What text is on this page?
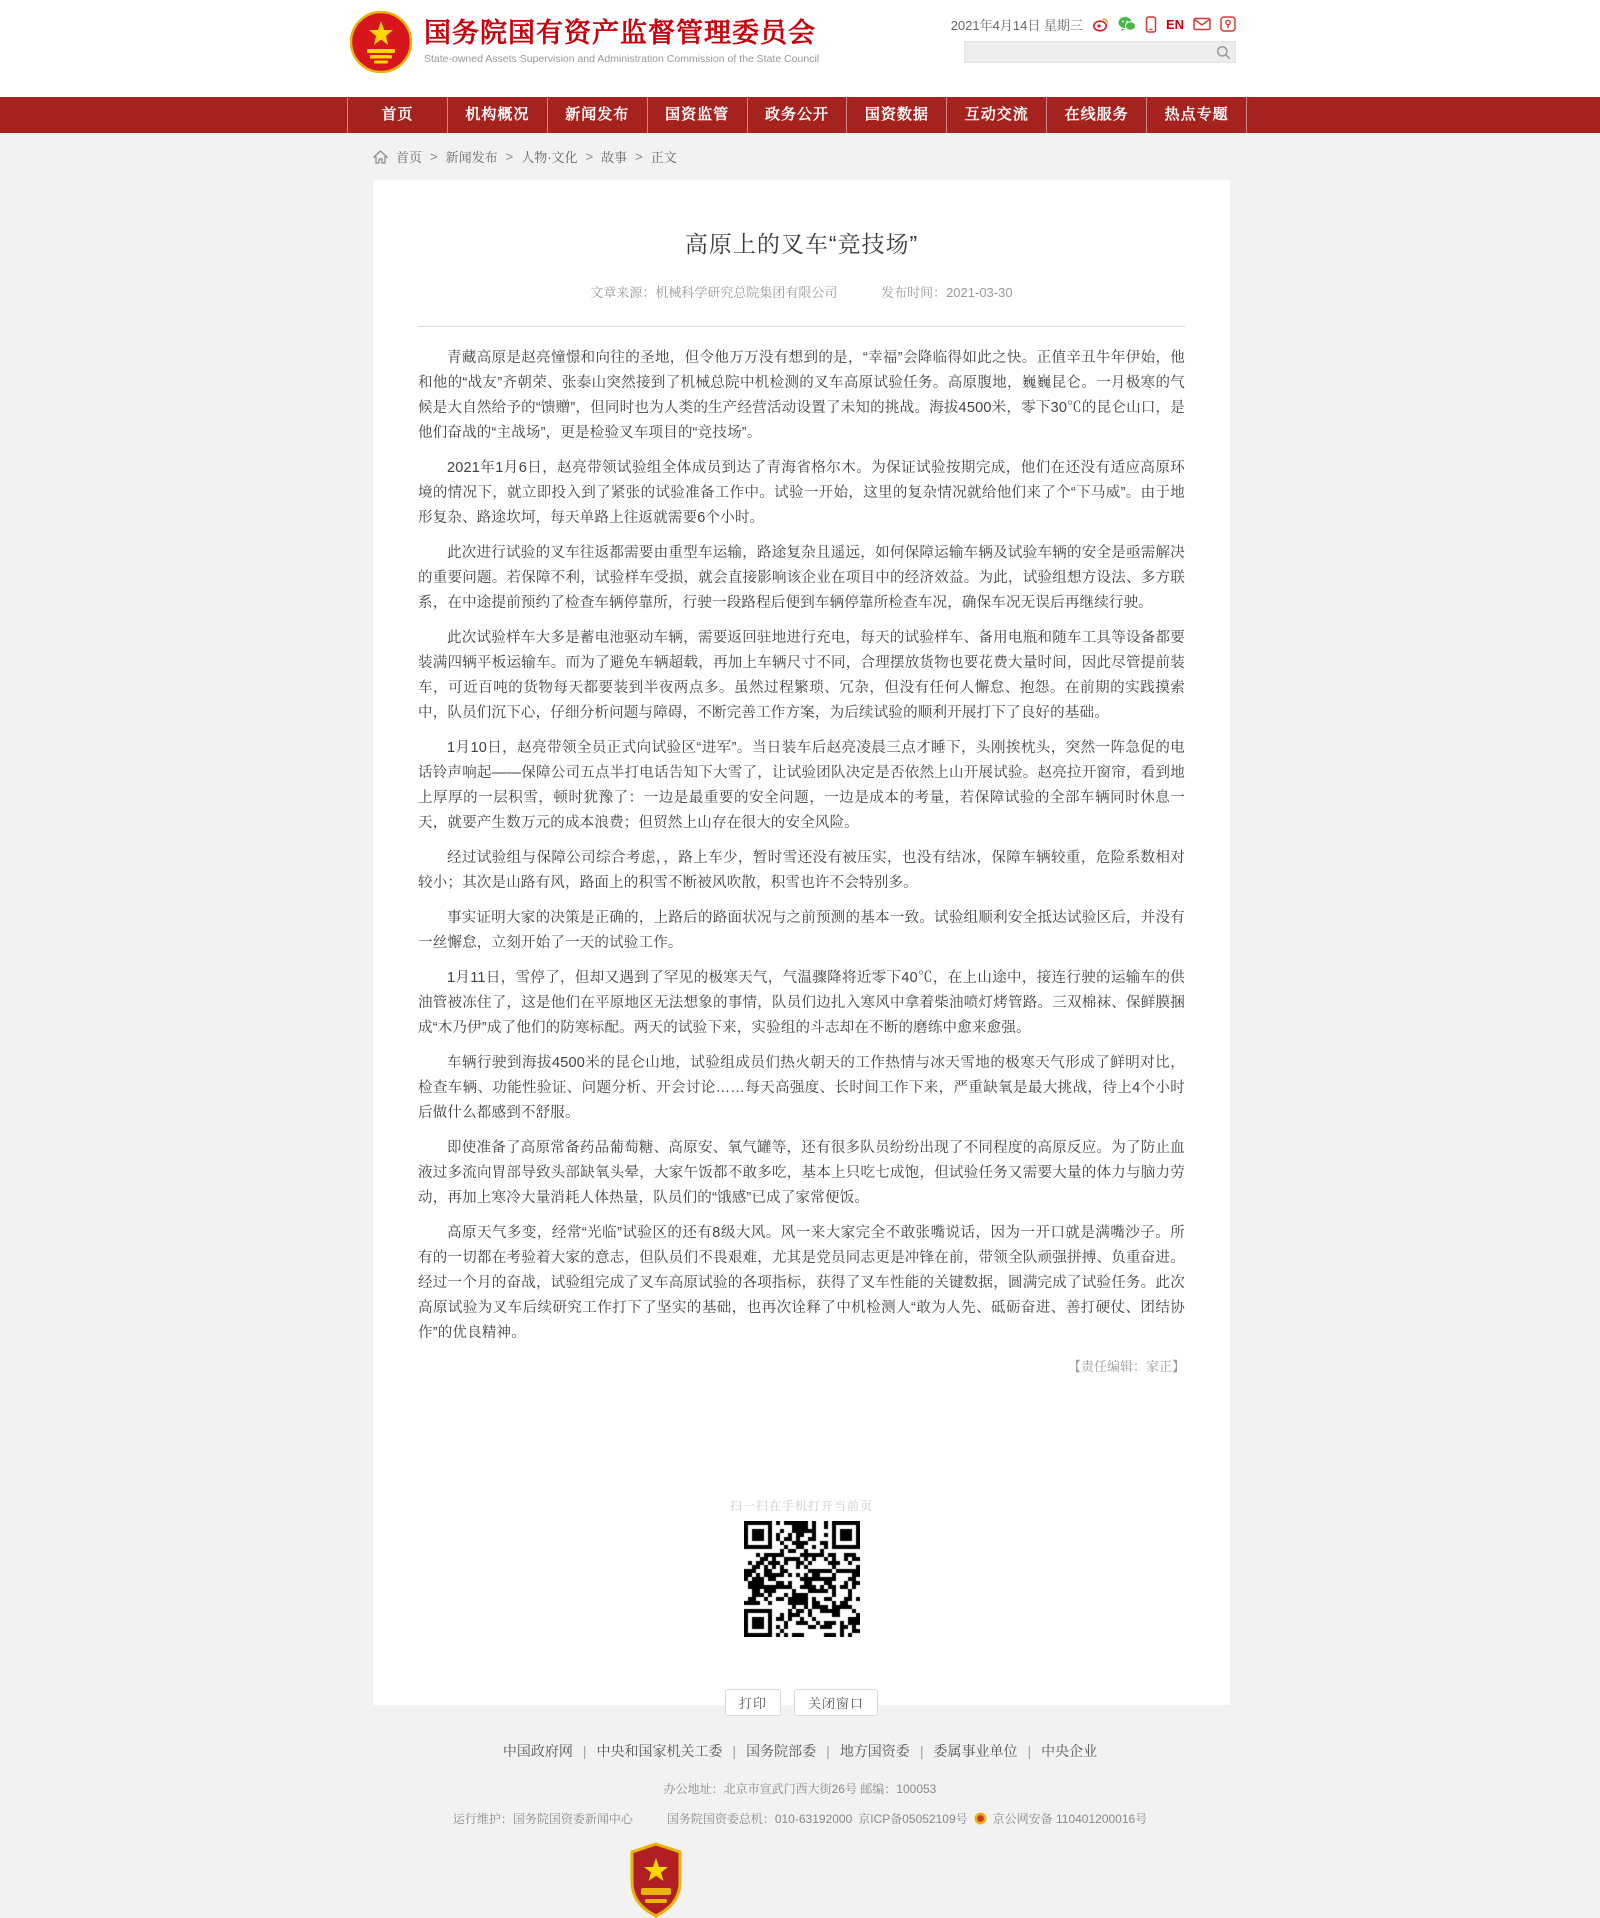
国务院国有资产监督管理委员会
State-owned Assets Supervision and Administration Commission of the State Council
2021年4月14日 星期三	EN
首页	机构概况	新闻发布	国资监管	政务公开	国资数据	互动交流	在线服务	热点专题
首页 > 新闻发布 > 人物·文化 > 故事 > 正文
高原上的叉车“竞技场”
文章来源：机械科学研究总院集团有限公司	发布时间：2021-03-30

青藏高原是赵亮憧憬和向往的圣地，但令他万万没有想到的是，“幸福”会降临得如此之快。正值辛丑牛年伊始，他和他的“战友”齐朝荣、张泰山突然接到了机械总院中机检测的叉车高原试验任务。高原腹地，巍巍昆仑。一月极寒的气候是大自然给予的“馈赠”，但同时也为人类的生产经营活动设置了未知的挑战。海拔4500米，零下30℃的昆仑山口，是他们奋战的“主战场”，更是检验叉车项目的“竞技场”。

2021年1月6日，赵亮带领试验组全体成员到达了青海省格尔木。为保证试验按期完成，他们在还没有适应高原环境的情况下，就立即投入到了紧张的试验准备工作中。试验一开始，这里的复杂情况就给他们来了个“下马威”。由于地形复杂、路途坎坷，每天单路上往返就需要6个小时。

此次进行试验的叉车往返都需要由重型车运输，路途复杂且遥远，如何保障运输车辆及试验车辆的安全是亟需解决的重要问题。若保障不利，试验样车受损，就会直接影响该企业在项目中的经济效益。为此，试验组想方设法、多方联系，在中途提前预约了检查车辆停靠所，行驶一段路程后便到车辆停靠所检查车况，确保车况无误后再继续行驶。

此次试验样车大多是蓄电池驱动车辆，需要返回驻地进行充电，每天的试验样车、备用电瓶和随车工具等设备都要装满四辆平板运输车。而为了避免车辆超载，再加上车辆尺寸不同，合理摆放货物也要花费大量时间，因此尽管提前装车，可近百吨的货物每天都要装到半夜两点多。虽然过程繁琐、冗杂，但没有任何人懈怠、抱怨。在前期的实践摸索中，队员们沉下心，仔细分析问题与障碍，不断完善工作方案，为后续试验的顺利开展打下了良好的基础。

1月10日，赵亮带领全员正式向试验区“进军”。当日装车后赵亮凌晨三点才睡下，头刚挨枕头，突然一阵急促的电话铃声响起——保障公司五点半打电话告知下大雪了，让试验团队决定是否依然上山开展试验。赵亮拉开窗帘，看到地上厚厚的一层积雪，顿时犹豫了：一边是最重要的安全问题，一边是成本的考量，若保障试验的全部车辆同时休息一天，就要产生数万元的成本浪费；但贸然上山存在很大的安全风险。

经过试验组与保障公司综合考虑，，路上车少，暂时雪还没有被压实，也没有结冰，保障车辆较重，危险系数相对较小；其次是山路有风，路面上的积雪不断被风吹散，积雪也许不会特别多。

事实证明大家的决策是正确的，上路后的路面状况与之前预测的基本一致。试验组顺利安全抵达试验区后，并没有一丝懈怠，立刻开始了一天的试验工作。

1月11日，雪停了，但却又遇到了罕见的极寒天气，气温骤降将近零下40℃，在上山途中，接连行驶的运输车的供油管被冻住了，这是他们在平原地区无法想象的事情，队员们边扎入寒风中拿着柴油喷灯烤管路。三双棉袜、保鲜膜捆成“木乃伊”成了他们的防寒标配。两天的试验下来，实验组的斗志却在不断的磨练中愈来愈强。

车辆行驶到海拔4500米的昆仑山地，试验组成员们热火朝天的工作热情与冰天雪地的极寒天气形成了鲜明对比，检查车辆、功能性验证、问题分析、开会讨论……每天高强度、长时间工作下来，严重缺氧是最大挑战，待上4个小时后做什么都感到不舒服。

即使准备了高原常备药品葡萄糖、高原安、氧气罐等，还有很多队员纷纷出现了不同程度的高原反应。为了防止血液过多流向胃部导致头部缺氧头晕，大家午饭都不敢多吃，基本上只吃七成饱，但试验任务又需要大量的体力与脑力劳动，再加上寒冷大量消耗人体热量，队员们的“饿感”已成了家常便饭。

高原天气多变，经常“光临”试验区的还有8级大风。风一来大家完全不敢张嘴说话，因为一开口就是满嘴沙子。所有的一切都在考验着大家的意志，但队员们不畏艰难，尤其是党员同志更是冲锋在前，带领全队顽强拼搏、负重奋进。经过一个月的奋战，试验组完成了叉车高原试验的各项指标，获得了叉车性能的关键数据，圆满完成了试验任务。此次高原试验为叉车后续研究工作打下了坚实的基础，也再次诠释了中机检测人“敢为人先、砥砺奋进、善打硬仗、团结协作”的优良精神。

【责任编辑：家正】
扫一扫在手机打开当前页
打印	关闭窗口
中国政府网 | 中央和国家机关工委 | 国务院部委 | 地方国资委 | 委属事业单位 | 中央企业
办公地址：北京市宣武门西大街26号 邮编：100053
运行维护：国务院国资委新闻中心	国务院国资委总机：010-63192000 京ICP备05052109号 京公网安备 110401200016号
